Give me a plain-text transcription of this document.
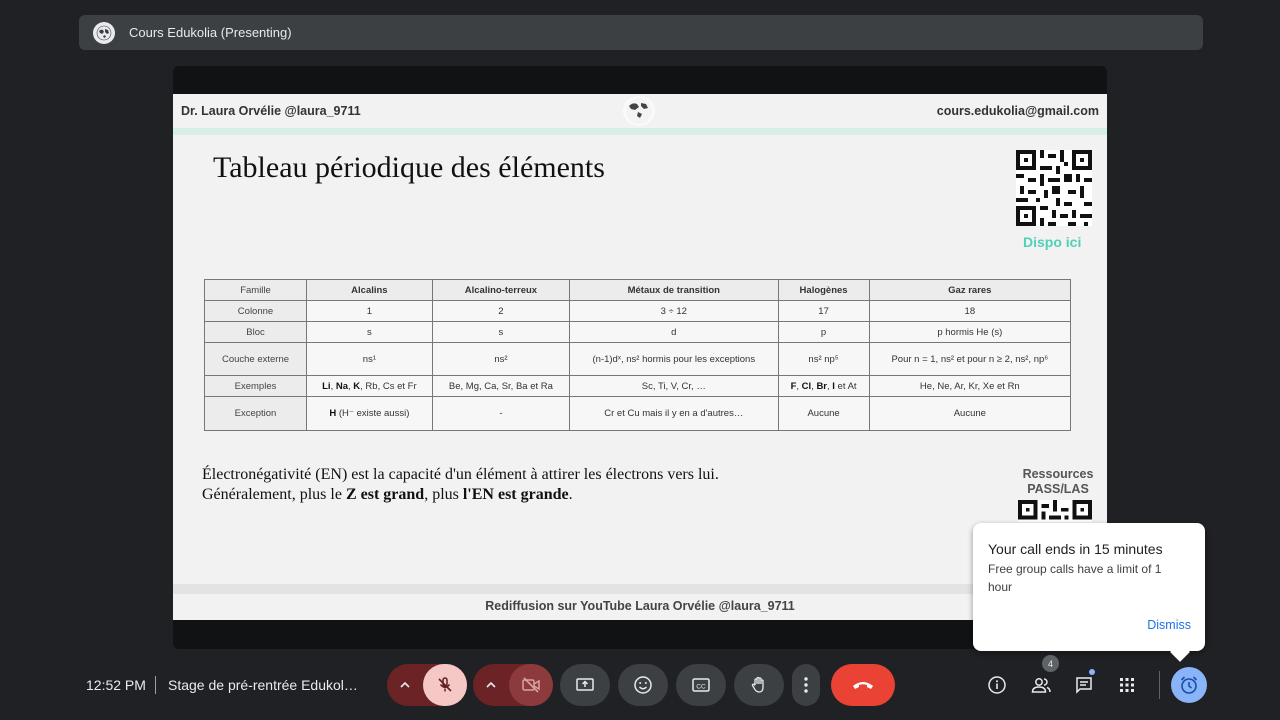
Cours Edukolia (Presenting)
Dr. Laura Orvélie @laura_9711	cours.edukolia@gmail.com
Tableau périodique des éléments
Dispo ici
Famille	Alcalins	Alcalino-terreux	Métaux de transition	Halogènes	Gaz rares
Colonne	1	2	3 ÷ 12	17	18
Bloc	s	s	d	p	p hormis He (s)
Couche externe	ns¹	ns²	(n-1)dˣ, ns² hormis pour les exceptions	ns² np⁵	Pour n = 1, ns² et pour n ≥ 2, ns², np⁶
Exemples	Li, Na, K, Rb, Cs et Fr	Be, Mg, Ca, Sr, Ba et Ra	Sc, Ti, V, Cr, …	F, Cl, Br, I et At	He, Ne, Ar, Kr, Xe et Rn
Exception	H (H⁻ existe aussi)	-	Cr et Cu mais il y en a d'autres…	Aucune	Aucune
Électronégativité (EN) est la capacité d'un élément à attirer les électrons vers lui.
Généralement, plus le Z est grand, plus l'EN est grande.
Ressources
PASS/LAS
Rediffusion sur YouTube Laura Orvélie @laura_9711
Your call ends in 15 minutes
Free group calls have a limit of 1 hour
Dismiss
12:52 PM Stage de pré-rentrée Edukol…	CC
4
